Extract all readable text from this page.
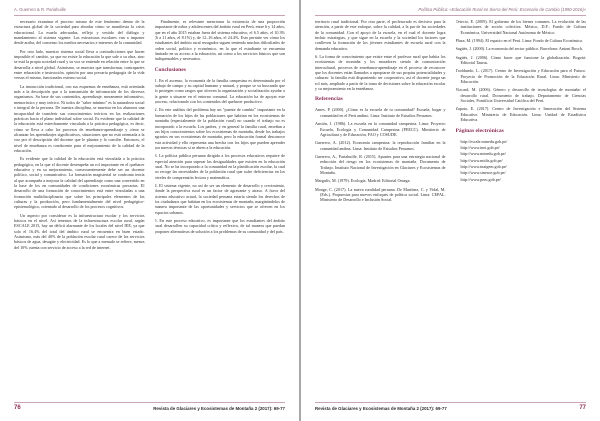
A. Guerrero & R. Pariahuille

necesario examinar el proceso mismo de este fenómeno dentro de la estructura global de la sociedad para abordar cómo se manifiesta la crisis educacional. La esuela adecuadas, reflejo y vestido del diálogo y mandamiento al sistema vigente. Las estructuras escolares van a imponer desde arriba, del consenso los medios necesarios e intereses de la comunidad.

Por otro lado, muestro sistema social lleva a contradicciones que hacen imposible el cambio, ya que no existe la educación la que sale a su obra, sino se está la propia sociedad rural y su voz se entiende en relación entre lo que se desarrolla a nivel global. Asimismo, se muestra que transformar, contrapartes entre educación e instrucción, opinión por una precaria pedagogía de la vida versus el mismo, funcionales externo social.

La instrucción tradicional, con sus esquemas de enseñanza, está orientada más a la descripción que a la transmisión de información de los diversos organismos. Su base de sus contenidos, aprendizaje, meramente informativo, memorístico y muy teórico. Ni todos de "saber mínimo" es la naturaleza social e integral de la persona. De nuestra disciplina, se muestra en los alumnos una incapacidad de transferir sus conocimientos teóricos en las realizaciones prácticas hacia el plano individual sobre social. Es evidente que la calidad de la educación está estrechamente vinculada a la práctica pedagógica, es decir, cómo se lleva a cabo los procesos de enseñanza-aprendizaje y cómo se alcanzan los aprendizajes significativos, situaciones que no está orientada a la voz por el descripción del docente que le plantea y lo concibe. Entonces, el nivel de enseñanza es conducente para el mejoramiento de la calidad de la educación.

Es evidente que la calidad de la educación está vinculada a la práctica pedagógica, en la que el docente desempeña un rol importante en el quehacer educativo y en su mejoramiento, consecuentemente debe ser un docente político, social y comunicativo. La formación magisterial se confronta teoría al que acompaña a mejorar la calidad del aprendizaje como una convertido en la base de los en comunidades de condiciones económicas precarias. El desarrollo de una formación de conocimientos está entre vinculadas a una formación multidisciplinaria que sobre los principales elementos de las culturas y la producción, pero fundamentalmente del nivel pedagógico-epistemológico, orientado al desarrollo de los procesos cognitivos.

Un aspecto por considerar es la infraestructura escolar y los servicios básicos en el nivel. Así tenemos de la infraestructura escolar rural, según ESCALE 2015, hay un déficit alarmante de los locales del nivel IEE, ya que solo el 16.4% del total del ámbito rural se encuentra en buen estado. Asimismo, más del 40% de la población escolar rural carece de los servicios básicos de agua, desagüe y electricidad. Es lo que a menudo se refiere, menos del 10% cuenta con servicio de acceso a la red de internet.

Finalmente, es relevante mencionar la existencia de una proporción importante de niños y adolescentes del ámbito rural en Perú, entre 6 y 14 años, que en el año 2015 estaban fuera del sistema educativo, el 6.5 años, el 10.3% (6 a 11 años, el 8.1%) y, de 12–16 años, el 24.4%. Esto permite ver cómo los estudiantes del ámbito rural rezagados siguen teniendo muchas dificultades de orden social, político y económico, en la que el estudiante se encuentra limitado en su acceso a la educación, así como a los servicios básicos que son indispensables y necesarios.

Conclusiones

1. En el ascenso, la economía de la familia campesina es determinada por el trabajo de campo y su capital humano y natural, y porque se va buscando que lo protegen como rasgos que ofrecen la organización y socialización ayudar a la gente a situarse en el entorno comunal. La educación ha de apoyar este proceso, relacionado con los contenidos del quehacer productivo.

2. En este análisis del problema hay un "puente de cambio" importante en la formación de los hijos de las poblaciones que habitan en los ecosistemas de montaña (especialmente de la población rural) no cuando el trabajo no es incorporado a la escuela. Los padres, y en general la familia rural, enseñan a sus hijos conocimientos sobre los ecosistemas de montaña, desde los trabajos agrarios en sus ecosistemas de montaña, pero la educación formal desconoce esta actividad y ello representa una brecha con los hijos que pueden aprender por nuevas técnicas si se abren a la educación.

3. La política pública peruana dirigida a los procesos educativos requiere de especial atención para superar las desigualdades que existen en la educación rural. No se ha incorporado a la comunidad en la planificación escolar, la cual no recoge las necesidades de la población rural que sufre deficiencias en los niveles de comprensión lectora y matemática.

4. El sistema vigente, no así de ser un elemento de desarrollo y crecimiento, donde la perspectiva rural es un factor de agravante y atraso. A favor del sistema educativo actual, la sociedad peruana estaría siendo los derechos de los ciudadanos que habitan en los ecosistemas de montaña, marginándolos de manera importante de las oportunidades y servicios que se ofrecen en los espacios urbanos.

5. En este proceso educativo, es importante que los estudiantes del ámbito rural desarrollen su capacidad crítica y reflexiva, de tal manera que puedan proponer alternativas de solución a los problemas de su comunidad y del país.

76	Revista de Glaciares y Ecosistemas de Montaña 2 (2017): 69-77
Política Pública: «Educación Rural en Sierra del Perú: Escenario de Cambio (1990-2016)»

territorio rural tradicional. Por otra parte, el profesorado es decisivo para la atención, a partir de este enfoque, sobre la calidad, a la par de las sociedades de la comunidad. Con el apoyo de la escuela, en el cual el docente logra incluir estrategias, y que sigue en la escuela y la sociedad los factores que conlleven la formación de los jóvenes estudiantes de escuela rural con la demanda educativa.

6. La forma de conocimiento que existe entre el profesor rural que habita los ecosistemas de montaña y los moradores siendo de comunicación intercultural, procesos de enseñanza-aprendizaje en el proceso de reconocer que los docentes están llamados a apropiarse de sus propias potencialidades y culturas: la familia está disponiendo ser cooperativo, así el docente juega un rol más, ampliado a partir de la toma de decisiones sobre la educación escolar y su mejoramiento en la enseñanza.

Referencias

Ames, P. (2000). ¿Cómo es la escuela de tu comunidad? Escuela, hogar y comunidad en el Perú andino. Lima: Instituto de Estudios Peruanos.

Ansión, J. (1986). La escuela en la comunidad campesina. Lima: Proyecto Escuela, Ecología y Comunidad Campesina (PEECC). Ministerio de Agricultura y de Educación, FAO y COSUDE.

Guerrero, A. (2012). Economía campesina: la reproducción familiar en la comunidad andina. Lima: Instituto de Estudios Peruanos.

Guerrero, A., Pariahuille, R. (2015). Apuntes para una estrategia nacional de reducción del riesgo en los ecosistemas de montaña. Documento de Trabajo. Instituto Nacional de Investigación en Glaciares y Ecosistemas de Montaña.

Margulis, M. (1979). Ecología. Madrid: Editorial Omega.

Monge, C. (2017). La nueva ruralidad peruana. De Martínez, C. y Vidal, M. (Eds.). Propuestas para nuevos enfoques de política social. Lima: CEPAL. Ministerio de Desarrollo e Inclusión Social.

Ortecio, E. (2009). El gobierno de los bienes comunes. La evolución de las instituciones de acción colectiva. México, D.F.: Fondo de Cultura Económica, Universidad Nacional Autónoma de México.

Plaza, M. (1994). El espacio en el Perú. Lima: Fondo de Cultura Económica.

Sagüés, J. (2000). La economía del sector público. Barcelona: Antoni Bosch.

Sagüés, J. (2006). Cómo hacer que funcione la globalización. Bogotá: Editorial Taurus.

Tooldundo, L. (2017). Centro de Investigación y Educación para el Futuro. Proyecto de Promoción de la Educación Rural. Lima: Ministerio de Educación.

Vizcard, M. (2006). Género y desarrollo de tecnologías de montaña: el desarrollo rural. Documento de trabajo. Departamento de Ciencias Sociales, Pontificia Universidad Católica del Perú.

Zapata, E. (2017). Centro de Investigación e Innovación del Sistema Educativo. Ministerio de Educación. Lima: Unidad de Estadística Educativa.

Páginas electrónicas

http://escale.minedu.gob.pe/

http://www.inei.gob.pe/

http://www.minedu.gob.pe/

http://www.midis.gob.pe/

http://www.inaigem.gob.pe/

http://www.sineace.gob.pe/

http://www.peru.gob.pe/

Revista de Glaciares y Ecosistemas de Montaña 2 (2017): 69-77	77
